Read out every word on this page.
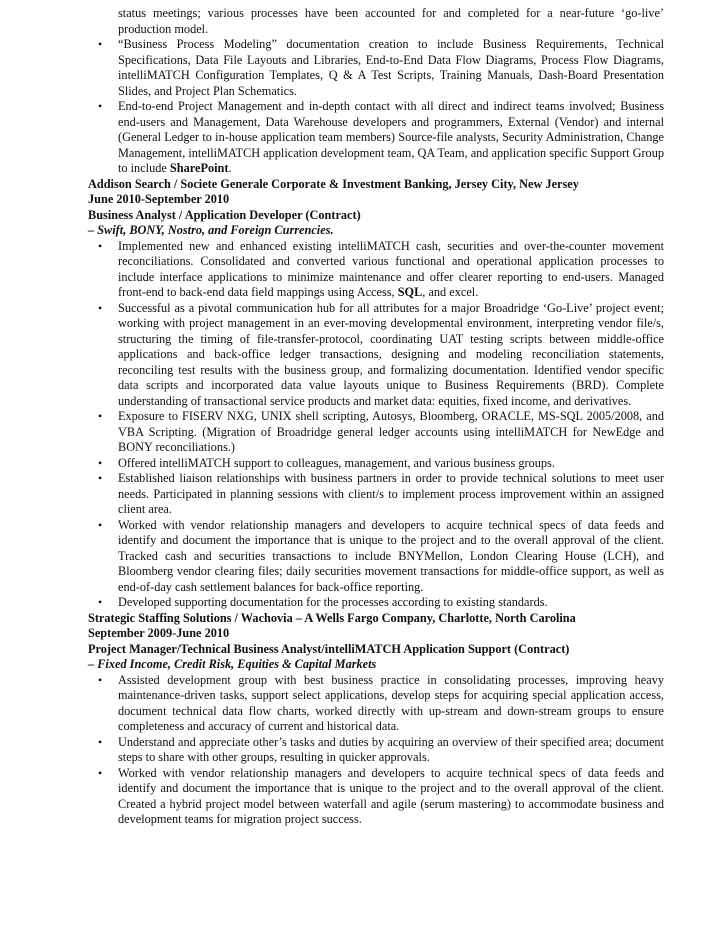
status meetings; various processes have been accounted for and completed for a near-future ‘go-live’ production model.
• “Business Process Modeling” documentation creation to include Business Requirements, Technical Specifications, Data File Layouts and Libraries, End-to-End Data Flow Diagrams, Process Flow Diagrams, intelliMATCH Configuration Templates, Q & A Test Scripts, Training Manuals, Dash-Board Presentation Slides, and Project Plan Schematics.
• End-to-end Project Management and in-depth contact with all direct and indirect teams involved; Business end-users and Management, Data Warehouse developers and programmers, External (Vendor) and internal (General Ledger to in-house application team members) Source-file analysts, Security Administration, Change Management, intelliMATCH application development team, QA Team, and application specific Support Group to include SharePoint.
Addison Search / Societe Generale Corporate & Investment Banking, Jersey City, New Jersey
June 2010-September 2010
Business Analyst / Application Developer (Contract)
– Swift, BONY, Nostro, and Foreign Currencies.
• Implemented new and enhanced existing intelliMATCH cash, securities and over-the-counter movement reconciliations. Consolidated and converted various functional and operational application processes to include interface applications to minimize maintenance and offer clearer reporting to end-users. Managed front-end to back-end data field mappings using Access, SQL, and excel.
• Successful as a pivotal communication hub for all attributes for a major Broadridge ‘Go-Live’ project event; working with project management in an ever-moving developmental environment, interpreting vendor file/s, structuring the timing of file-transfer-protocol, coordinating UAT testing scripts between middle-office applications and back-office ledger transactions, designing and modeling reconciliation statements, reconciling test results with the business group, and formalizing documentation. Identified vendor specific data scripts and incorporated data value layouts unique to Business Requirements (BRD). Complete understanding of transactional service products and market data: equities, fixed income, and derivatives.
• Exposure to FISERV NXG, UNIX shell scripting, Autosys, Bloomberg, ORACLE, MS-SQL 2005/2008, and VBA Scripting. (Migration of Broadridge general ledger accounts using intelliMATCH for NewEdge and BONY reconciliations.)
• Offered intelliMATCH support to colleagues, management, and various business groups.
• Established liaison relationships with business partners in order to provide technical solutions to meet user needs. Participated in planning sessions with client/s to implement process improvement within an assigned client area.
• Worked with vendor relationship managers and developers to acquire technical specs of data feeds and identify and document the importance that is unique to the project and to the overall approval of the client. Tracked cash and securities transactions to include BNYMellon, London Clearing House (LCH), and Bloomberg vendor clearing files; daily securities movement transactions for middle-office support, as well as end-of-day cash settlement balances for back-office reporting.
• Developed supporting documentation for the processes according to existing standards.
Strategic Staffing Solutions / Wachovia – A Wells Fargo Company, Charlotte, North Carolina
September 2009-June 2010
Project Manager/Technical Business Analyst/intelliMATCH Application Support (Contract)
– Fixed Income, Credit Risk, Equities & Capital Markets
• Assisted development group with best business practice in consolidating processes, improving heavy maintenance-driven tasks, support select applications, develop steps for acquiring special application access, document technical data flow charts, worked directly with up-stream and down-stream groups to ensure completeness and accuracy of current and historical data.
• Understand and appreciate other’s tasks and duties by acquiring an overview of their specified area; document steps to share with other groups, resulting in quicker approvals.
• Worked with vendor relationship managers and developers to acquire technical specs of data feeds and identify and document the importance that is unique to the project and to the overall approval of the client. Created a hybrid project model between waterfall and agile (serum mastering) to accommodate business and development teams for migration project success.
